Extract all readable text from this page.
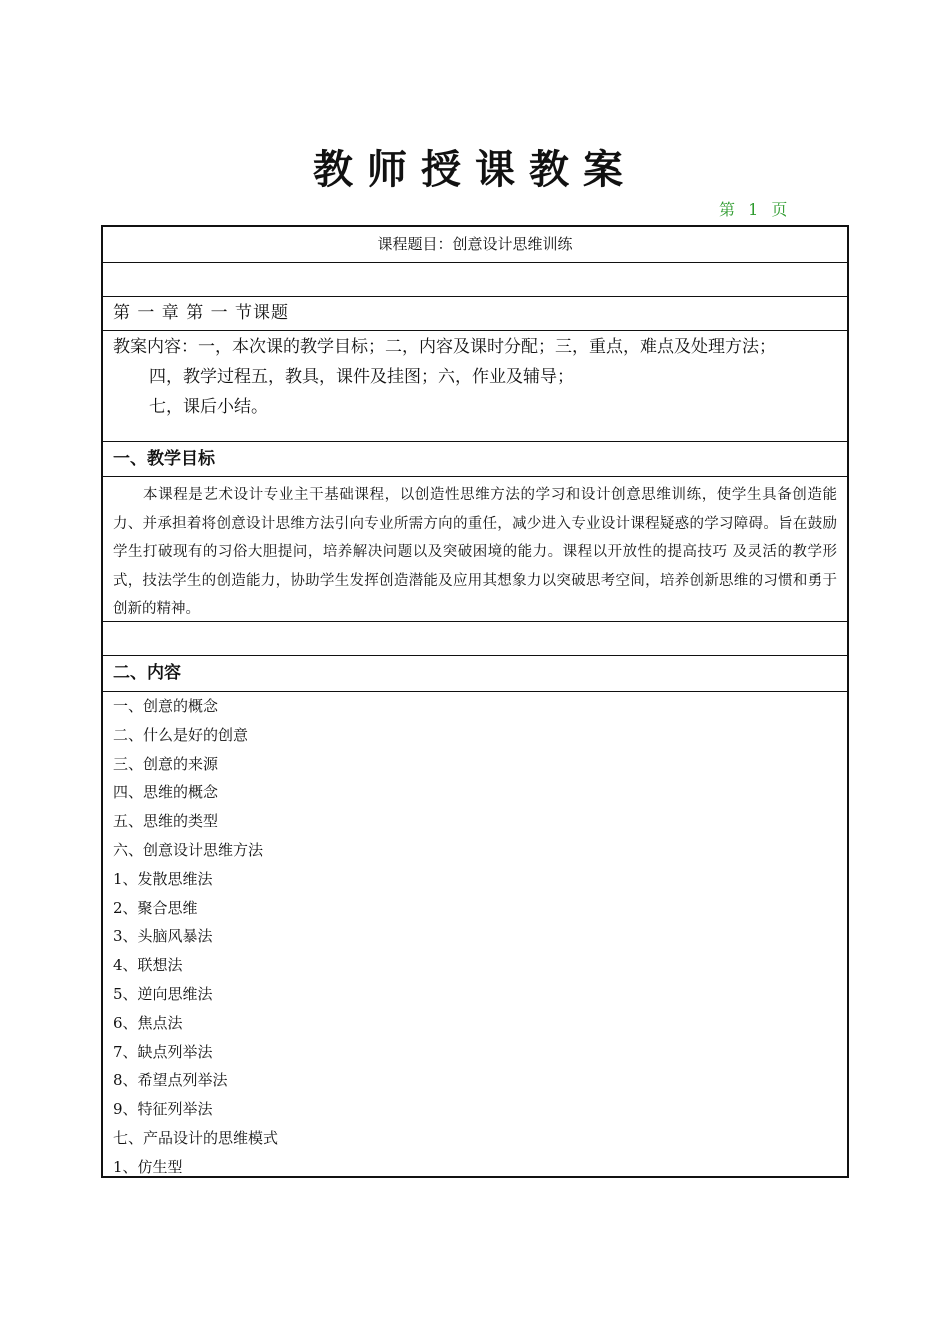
教师授课教案
第 1 页
课程题目：创意设计思维训练
第 一 章 第 一 节课题
教案内容：一，本次课的教学目标；二，内容及课时分配；三，重点，难点及处理方法；
四，教学过程五，教具，课件及挂图；六，作业及辅导；
七，课后小结。
一、教学目标
本课程是艺术设计专业主干基础课程，以创造性思维方法的学习和设计创意思维训练，使学生具备创造能力、并承担着将创意设计思维方法引向专业所需方向的重任，减少进入专业设计课程疑惑的学习障碍。旨在鼓励学生打破现有的习俗大胆提问，培养解决问题以及突破困境的能力。课程以开放性的提高技巧 及灵活的教学形式，技法学生的创造能力，协助学生发挥创造潜能及应用其想象力以突破思考空间，培养创新思维的习惯和勇于创新的精神。
二、内容
一、创意的概念
二、什么是好的创意
三、创意的来源
四、思维的概念
五、思维的类型
六、创意设计思维方法
1、发散思维法
2、聚合思维
3、头脑风暴法
4、联想法
5、逆向思维法
6、焦点法
7、缺点列举法
8、希望点列举法
9、特征列举法
七、产品设计的思维模式
1、仿生型
